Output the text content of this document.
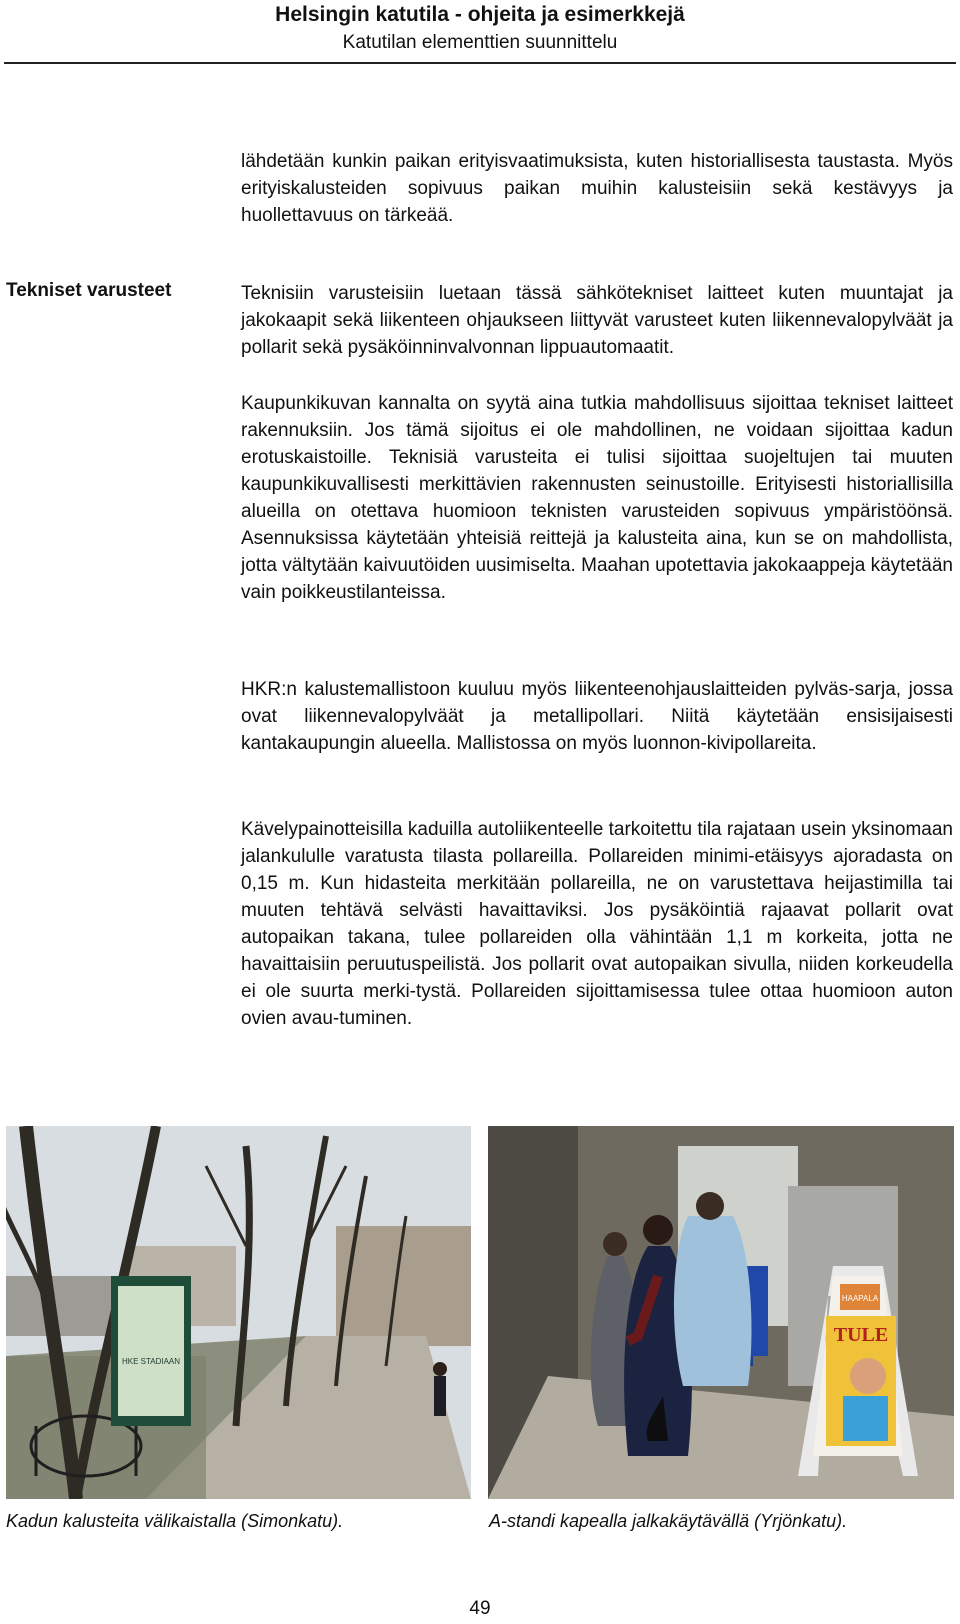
Helsingin katutila - ohjeita ja esimerkkejä
Katutilan elementtien suunnittelu
Tekniset varusteet

lähdetään kunkin paikan erityisvaatimuksista, kuten historiallisesta taustasta. Myös erityiskalusteiden sopivuus paikan muihin kalusteisiin sekä kestävyys ja huollettavuus on tärkeää.

Teknisiin varusteisiin luetaan tässä sähkötekniset laitteet kuten muuntajat ja jakokaapit sekä liikenteen ohjaukseen liittyvät varusteet kuten liikennevalopylväät ja pollarit sekä pysäköinninvalvonnan lippuautomaatit.

Kaupunkikuvan kannalta on syytä aina tutkia mahdollisuus sijoittaa tekniset laitteet rakennuksiin. Jos tämä sijoitus ei ole mahdollinen, ne voidaan sijoittaa kadun erotuskaistoille. Teknisiä varusteita ei tulisi sijoittaa suojeltujen tai muuten kaupunkikuvallisesti merkittävien rakennusten seinustoille. Erityisesti historiallisilla alueilla on otettava huomioon teknisten varusteiden sopivuus ympäristöönsä. Asennuksissa käytetään yhteisiä reittejä ja kalusteita aina, kun se on mahdollista, jotta vältytään kaivuutöiden uusimiselta. Maahan upotettavia jakokaappeja käytetään vain poikkeustilanteissa.

HKR:n kalustemallistoon kuuluu myös liikenteenohjauslaitteiden pylväs-sarja, jossa ovat liikennevalopylväät ja metallipollari. Niitä käytetään ensisijaisesti kantakaupungin alueella. Mallistossa on myös luonnon-kivipollareita.

Kävelypainotteisilla kaduilla autoliikenteelle tarkoitettu tila rajataan usein yksinomaan jalankululle varatusta tilasta pollareilla. Pollareiden minimi-etäisyys ajoradasta on 0,15 m. Kun hidasteita merkitään pollareilla, ne on varustettava heijastimilla tai muuten tehtävä selvästi havaittaviksi. Jos pysäköintiä rajaavat pollarit ovat autopaikan takana, tulee pollareiden olla vähintään 1,1 m korkeita, jotta ne havaittaisiin peruutuspeilistä. Jos pollarit ovat autopaikan sivulla, niiden korkeudella ei ole suurta merki-tystä. Pollareiden sijoittamisessa tulee ottaa huomioon auton ovien avau-tuminen.

HKE STADIAAN
HAAPALA
TULE
Kadun kalusteita välikaistalla (Simonkatu).	A-standi kapealla jalkakäytävällä (Yrjönkatu).
49
